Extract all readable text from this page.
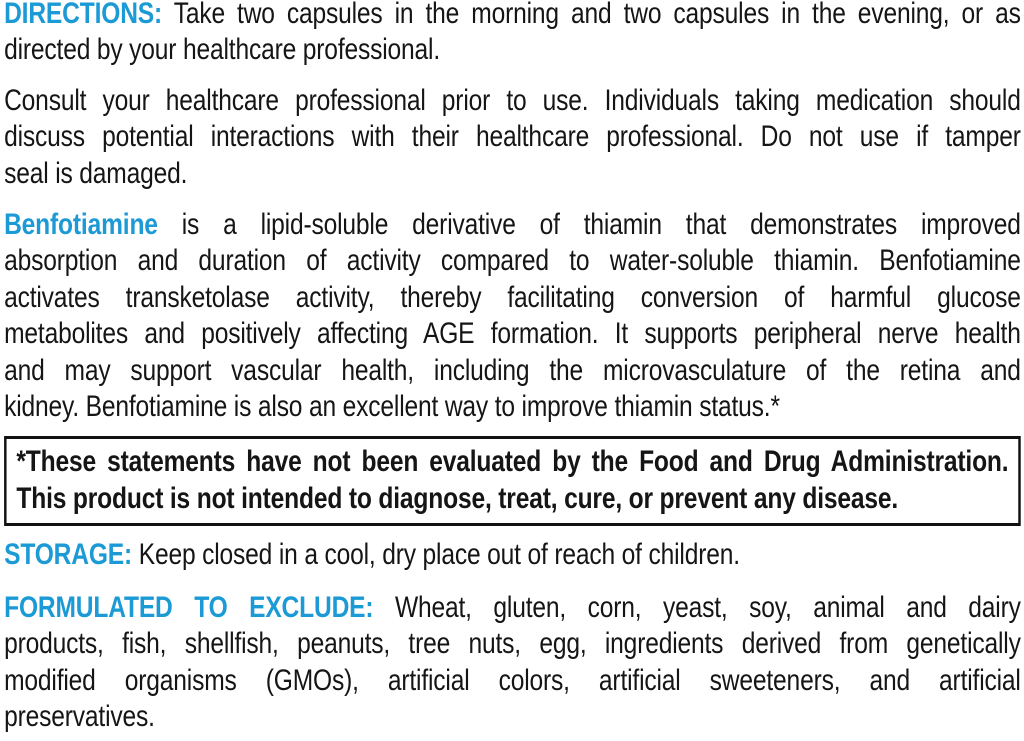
DIRECTIONS: Take two capsules in the morning and two capsules in the evening, or as
directed by your healthcare professional.
Consult your healthcare professional prior to use. Individuals taking medication should
discuss potential interactions with their healthcare professional. Do not use if tamper
seal is damaged.
Benfotiamine is a lipid-soluble derivative of thiamin that demonstrates improved
absorption and duration of activity compared to water-soluble thiamin. Benfotiamine
activates transketolase activity, thereby facilitating conversion of harmful glucose
metabolites and positively affecting AGE formation. It supports peripheral nerve health
and may support vascular health, including the microvasculature of the retina and
kidney. Benfotiamine is also an excellent way to improve thiamin status.*
*These statements have not been evaluated by the Food and Drug Administration.
This product is not intended to diagnose, treat, cure, or prevent any disease.
STORAGE: Keep closed in a cool, dry place out of reach of children.
FORMULATED TO EXCLUDE: Wheat, gluten, corn, yeast, soy, animal and dairy
products, fish, shellfish, peanuts, tree nuts, egg, ingredients derived from genetically
modified organisms (GMOs), artificial colors, artificial sweeteners, and artificial
preservatives.
